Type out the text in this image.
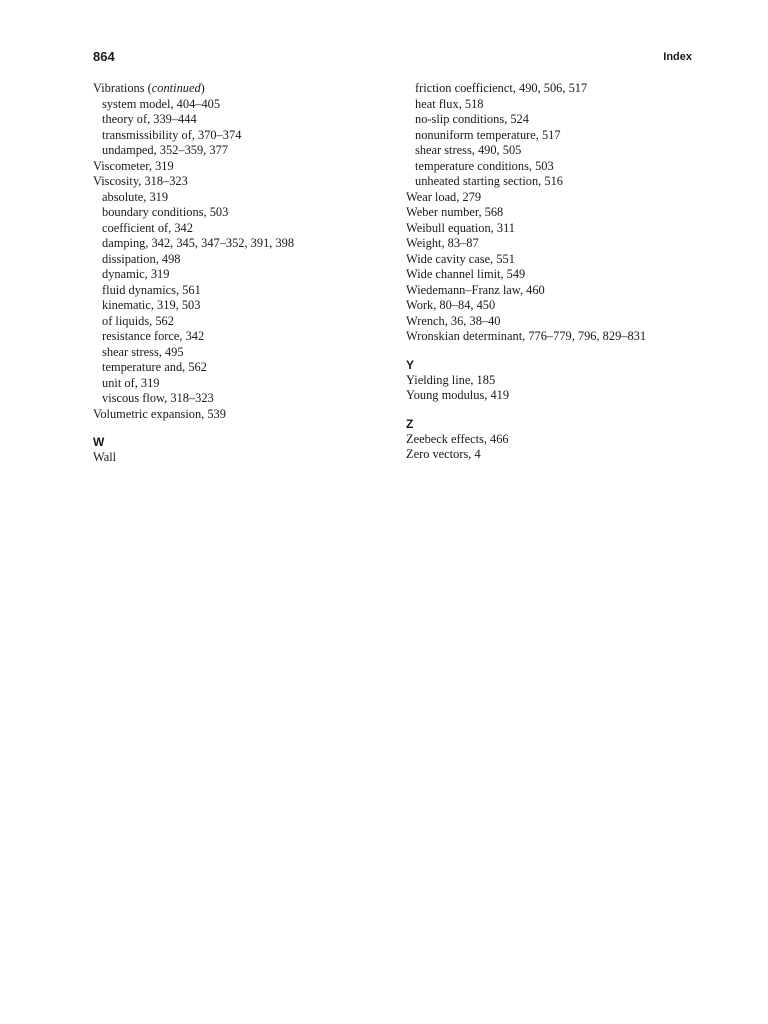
864	Index
Vibrations (continued)
system model, 404–405
theory of, 339–444
transmissibility of, 370–374
undamped, 352–359, 377
Viscometer, 319
Viscosity, 318–323
absolute, 319
boundary conditions, 503
coefficient of, 342
damping, 342, 345, 347–352, 391, 398
dissipation, 498
dynamic, 319
fluid dynamics, 561
kinematic, 319, 503
of liquids, 562
resistance force, 342
shear stress, 495
temperature and, 562
unit of, 319
viscous flow, 318–323
Volumetric expansion, 539
W
Wall
friction coefficienct, 490, 506, 517
heat flux, 518
no-slip conditions, 524
nonuniform temperature, 517
shear stress, 490, 505
temperature conditions, 503
unheated starting section, 516
Wear load, 279
Weber number, 568
Weibull equation, 311
Weight, 83–87
Wide cavity case, 551
Wide channel limit, 549
Wiedemann–Franz law, 460
Work, 80–84, 450
Wrench, 36, 38–40
Wronskian determinant, 776–779, 796, 829–831
Y
Yielding line, 185
Young modulus, 419
Z
Zeebeck effects, 466
Zero vectors, 4
